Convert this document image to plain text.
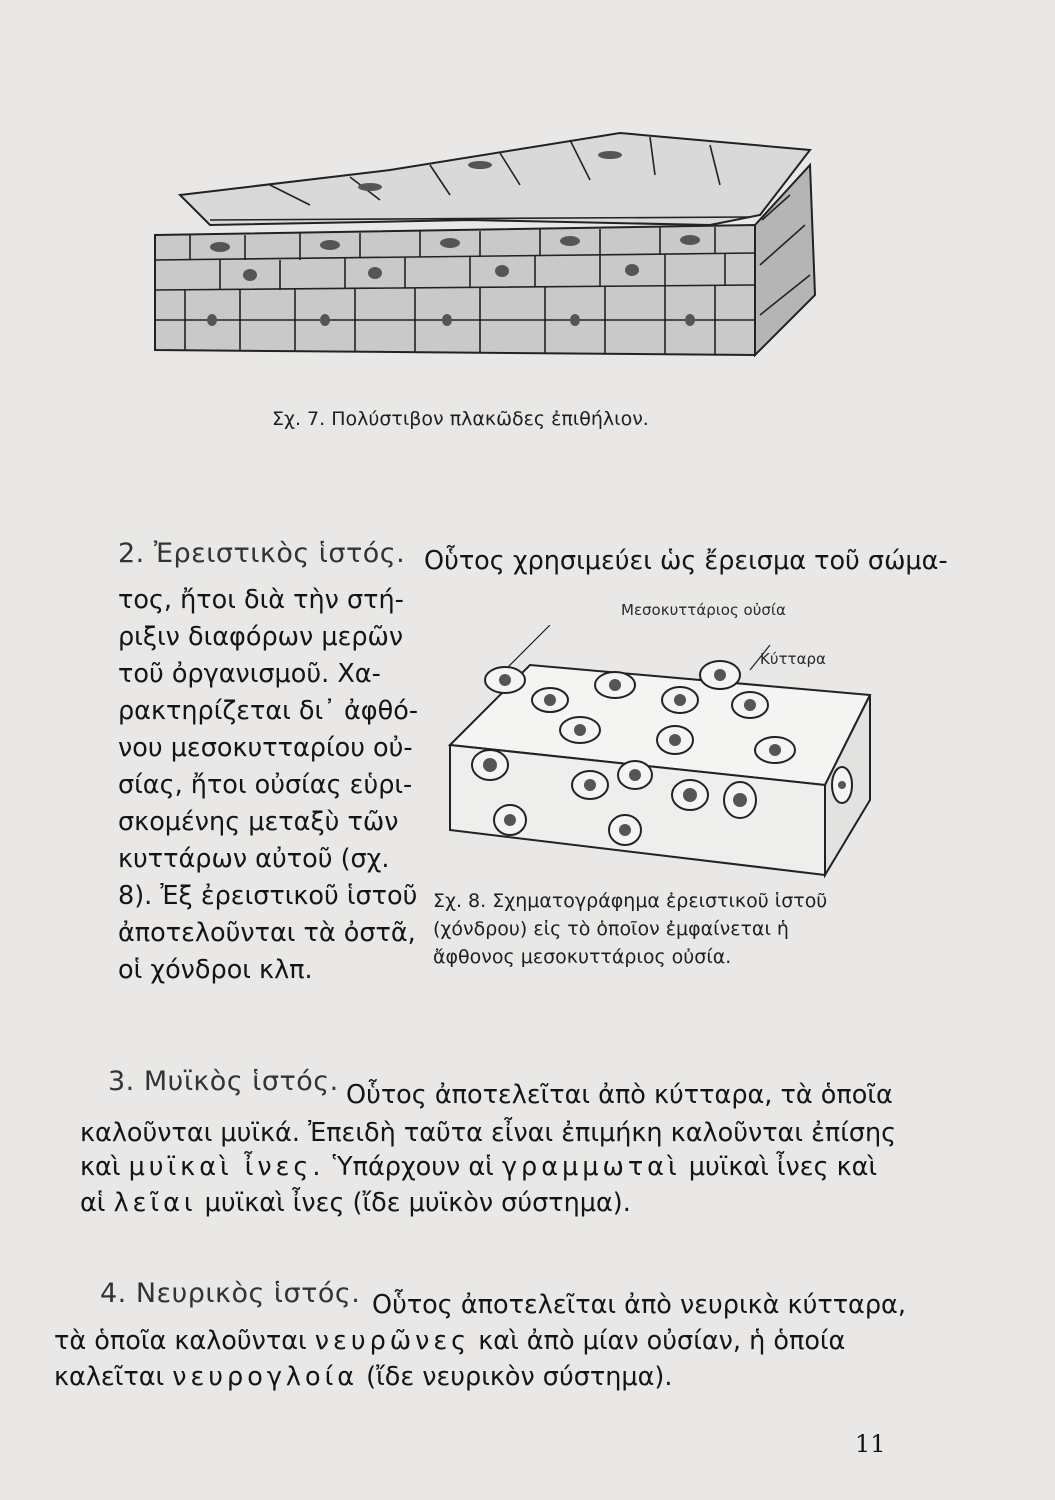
Σχ. 7. Πολύστιβον πλακῶδες ἐπιθήλιον.

2. Ἐρειστικὸς ἱστός. Οὗτος χρησιμεύει ὡς ἔρεισμα τοῦ σώμα-

τος, ἤτοι διὰ τὴν στή-

ριξιν διαφόρων μερῶν

τοῦ ὀργανισμοῦ. Χα-

ρακτηρίζεται δι᾽ ἀφθό-

νου μεσοκυτταρίου οὐ-

σίας, ἤτοι οὐσίας εὑρι-

σκομένης μεταξὺ τῶν

κυττάρων αὐτοῦ (σχ.

8). Ἐξ ἐρειστικοῦ ἱστοῦ

ἀποτελοῦνται τὰ ὀστᾶ,

οἱ χόνδροι κλπ.

Μεσοκυττάριος οὐσία

Κύτταρα

Σχ. 8. Σχηματογράφημα ἐρειστικοῦ ἱστοῦ

(χόνδρου) εἰς τὸ ὁποῖον ἐμφαίνεται ἡ

ἄφθονος μεσοκυττάριος οὐσία.

3. Μυϊκὸς ἱστός. Οὗτος ἀποτελεῖται ἀπὸ κύτταρα, τὰ ὁποῖα

καλοῦνται μυϊκά. Ἐπειδὴ ταῦτα εἶναι ἐπιμήκη καλοῦνται ἐπίσης

καὶ μυϊκαὶ ἶνες. Ὑπάρχουν αἱ γραμμωταὶ μυϊκαὶ ἶνες καὶ

αἱ λεῖαι μυϊκαὶ ἶνες (ἴδε μυϊκὸν σύστημα).

4. Νευρικὸς ἱστός. Οὗτος ἀποτελεῖται ἀπὸ νευρικὰ κύτταρα,

τὰ ὁποῖα καλοῦνται νευρῶνες καὶ ἀπὸ μίαν οὐσίαν, ἡ ὁποία

καλεῖται νευρογλοία (ἴδε νευρικὸν σύστημα).

11
